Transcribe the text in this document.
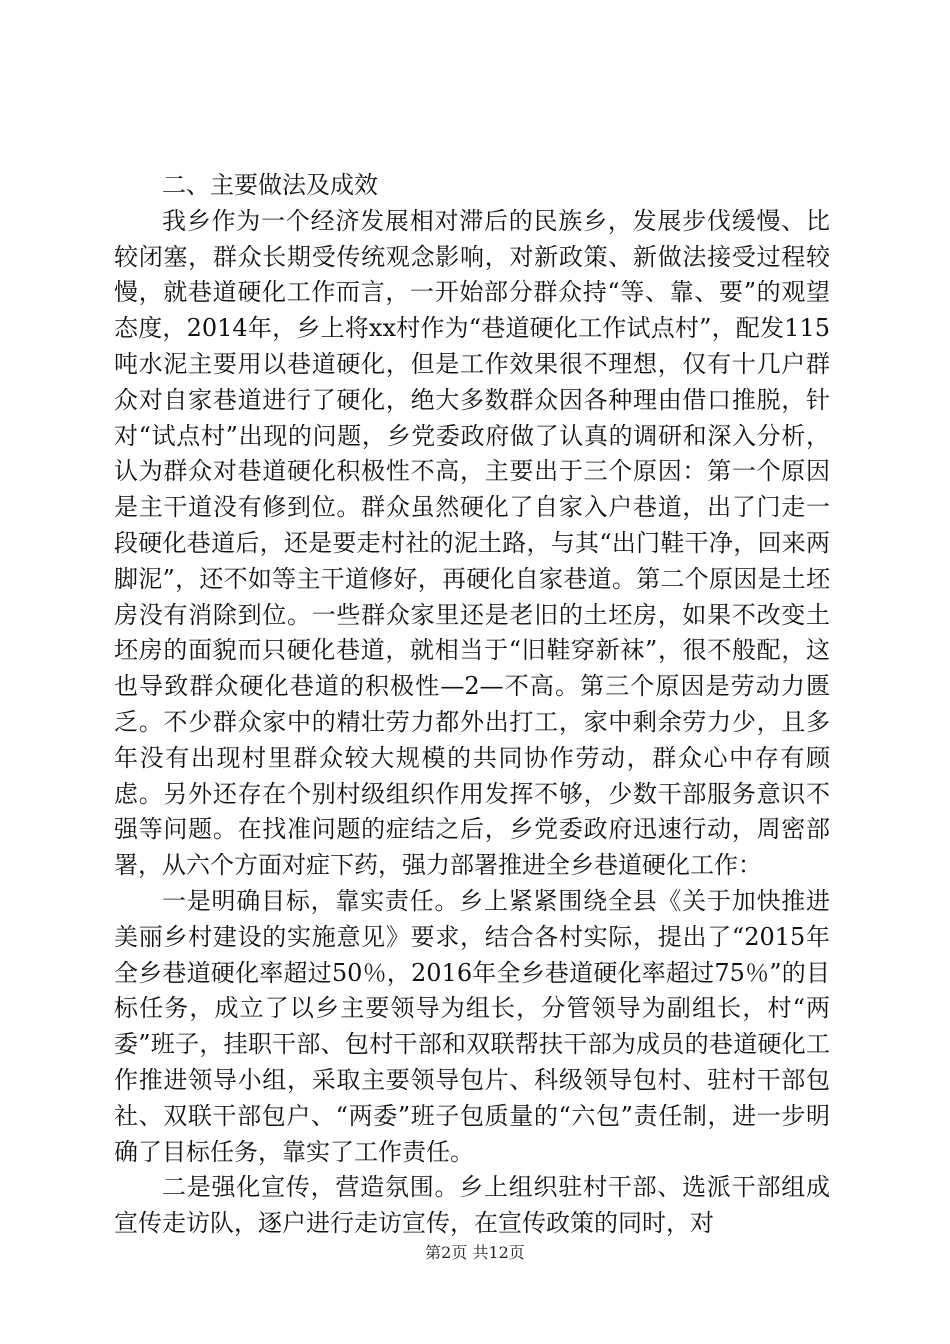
二、主要做法及成效

我乡作为一个经济发展相对滞后的民族乡，发展步伐缓慢、比较闭塞，群众长期受传统观念影响，对新政策、新做法接受过程较慢，就巷道硬化工作而言，一开始部分群众持“等、靠、要”的观望态度，2014年，乡上将xx村作为“巷道硬化工作试点村”，配发115吨水泥主要用以巷道硬化，但是工作效果很不理想，仅有十几户群众对自家巷道进行了硬化，绝大多数群众因各种理由借口推脱，针对“试点村”出现的问题，乡党委政府做了认真的调研和深入分析，认为群众对巷道硬化积极性不高，主要出于三个原因：第一个原因是主干道没有修到位。群众虽然硬化了自家入户巷道，出了门走一段硬化巷道后，还是要走村社的泥土路，与其“出门鞋干净，回来两脚泥”，还不如等主干道修好，再硬化自家巷道。第二个原因是土坯房没有消除到位。一些群众家里还是老旧的土坯房，如果不改变土坯房的面貌而只硬化巷道，就相当于“旧鞋穿新袜”，很不般配，这也导致群众硬化巷道的积极性—2—不高。第三个原因是劳动力匮乏。不少群众家中的精壮劳力都外出打工，家中剩余劳力少，且多年没有出现村里群众较大规模的共同协作劳动，群众心中存有顾虑。另外还存在个别村级组织作用发挥不够，少数干部服务意识不强等问题。在找准问题的症结之后，乡党委政府迅速行动，周密部署，从六个方面对症下药，强力部署推进全乡巷道硬化工作：

一是明确目标，靠实责任。乡上紧紧围绕全县《关于加快推进美丽乡村建设的实施意见》要求，结合各村实际，提出了“2015年全乡巷道硬化率超过50％，2016年全乡巷道硬化率超过75％”的目标任务，成立了以乡主要领导为组长，分管领导为副组长，村“两委”班子，挂职干部、包村干部和双联帮扶干部为成员的巷道硬化工作推进领导小组，采取主要领导包片、科级领导包村、驻村干部包社、双联干部包户、“两委”班子包质量的“六包”责任制，进一步明确了目标任务，靠实了工作责任。

二是强化宣传，营造氛围。乡上组织驻村干部、选派干部组成宣传走访队，逐户进行走访宣传，在宣传政策的同时，对

第2页 共12页
